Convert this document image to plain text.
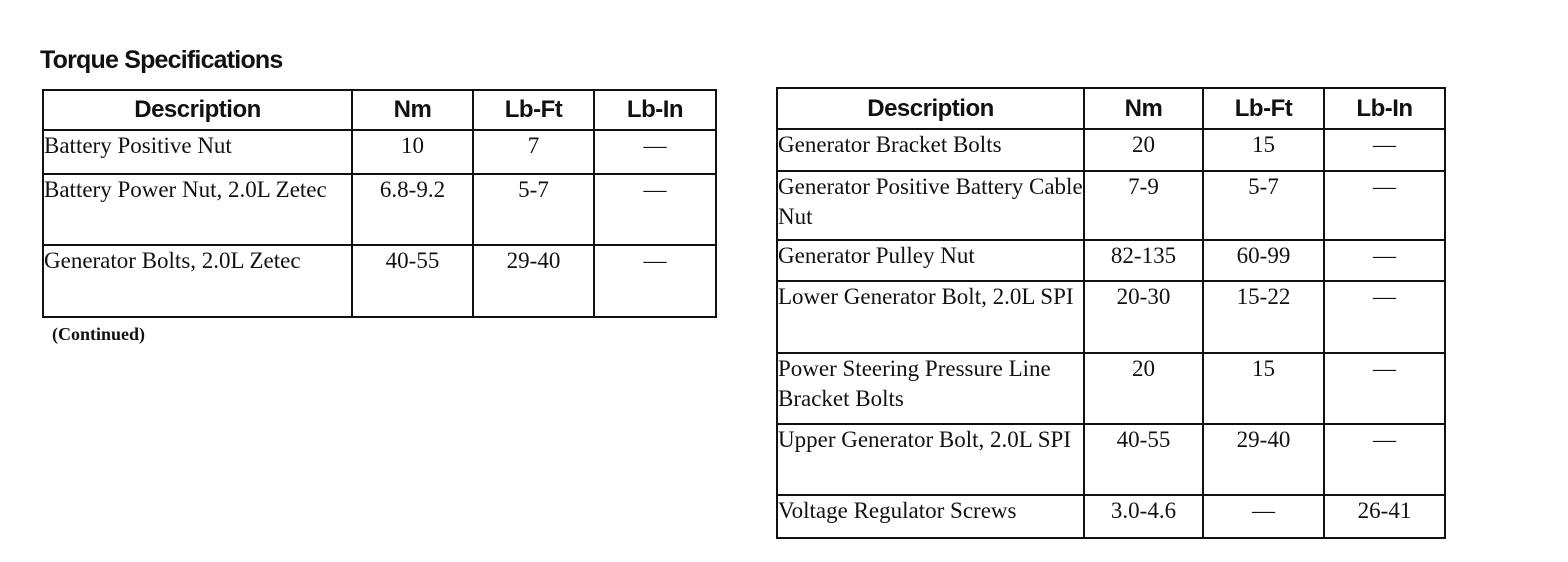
Torque Specifications
Description	Nm	Lb-Ft	Lb-In
Battery Positive Nut	10	7	—
Battery Power Nut, 2.0L Zetec	6.8-9.2	5-7	—
Generator Bolts, 2.0L Zetec	40-55	29-40	—
(Continued)
Description	Nm	Lb-Ft	Lb-In
Generator Bracket Bolts	20	15	—
Generator Positive Battery Cable Nut	7-9	5-7	—
Generator Pulley Nut	82-135	60-99	—
Lower Generator Bolt, 2.0L SPI	20-30	15-22	—
Power Steering Pressure Line Bracket Bolts	20	15	—
Upper Generator Bolt, 2.0L SPI	40-55	29-40	—
Voltage Regulator Screws	3.0-4.6	—	26-41
